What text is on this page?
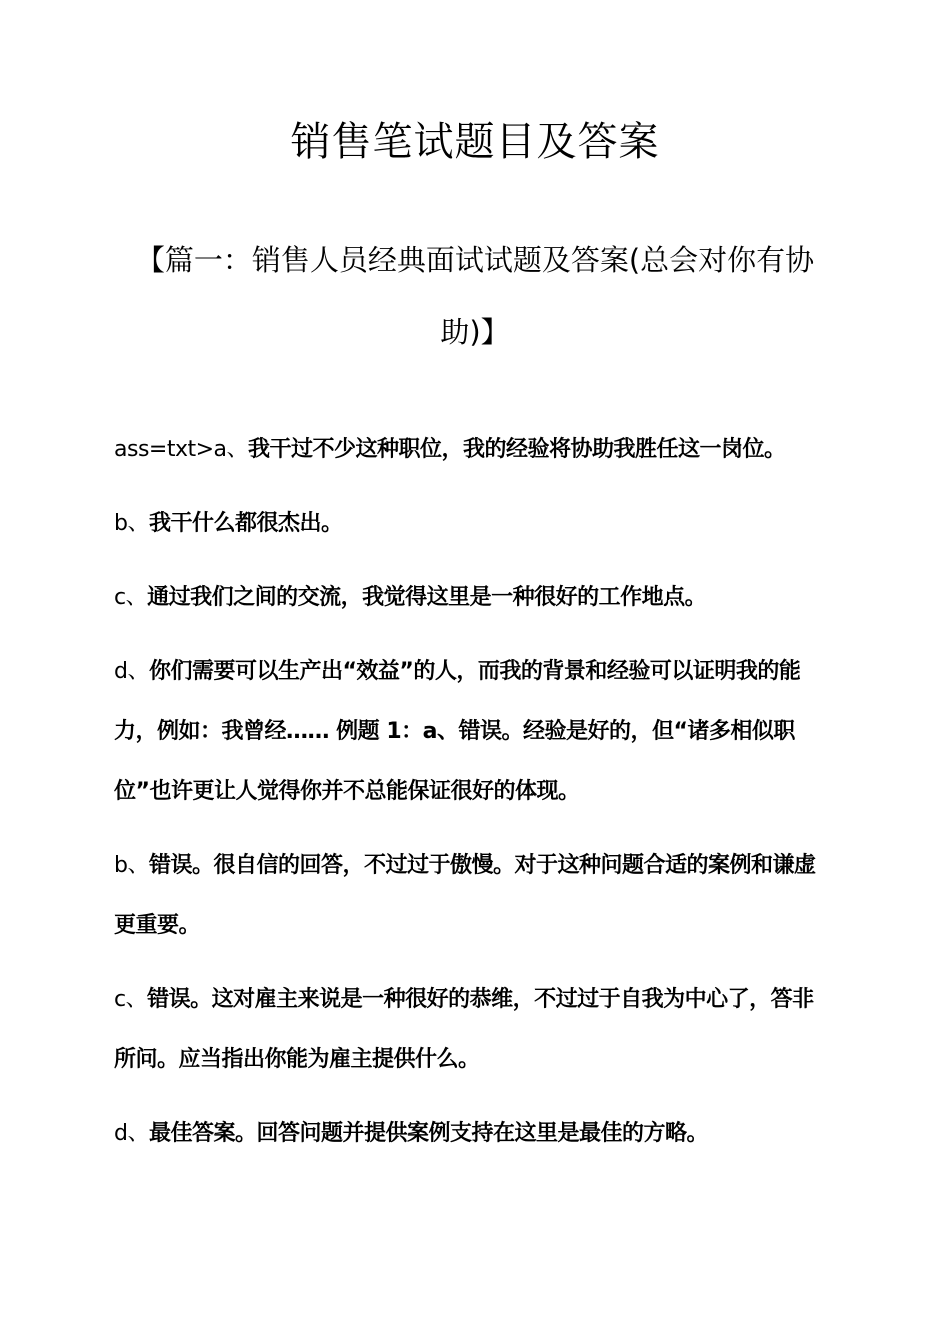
销售笔试题目及答案
【篇一：销售人员经典面试试题及答案(总会对你有协助)】

ass=txt>a、我干过不少这种职位，我的经验将协助我胜任这一岗位。

b、我干什么都很杰出。

c、通过我们之间的交流，我觉得这里是一种很好的工作地点。

d、你们需要可以生产出“效益”的人，而我的背景和经验可以证明我的能力，例如：我曾经…… 例题 1：a、错误。经验是好的，但“诸多相似职位”也许更让人觉得你并不总能保证很好的体现。

b、错误。很自信的回答，不过过于傲慢。对于这种问题合适的案例和谦虚更重要。

c、错误。这对雇主来说是一种很好的恭维，不过过于自我为中心了，答非所问。应当指出你能为雇主提供什么。

d、最佳答案。回答问题并提供案例支持在这里是最佳的方略。
